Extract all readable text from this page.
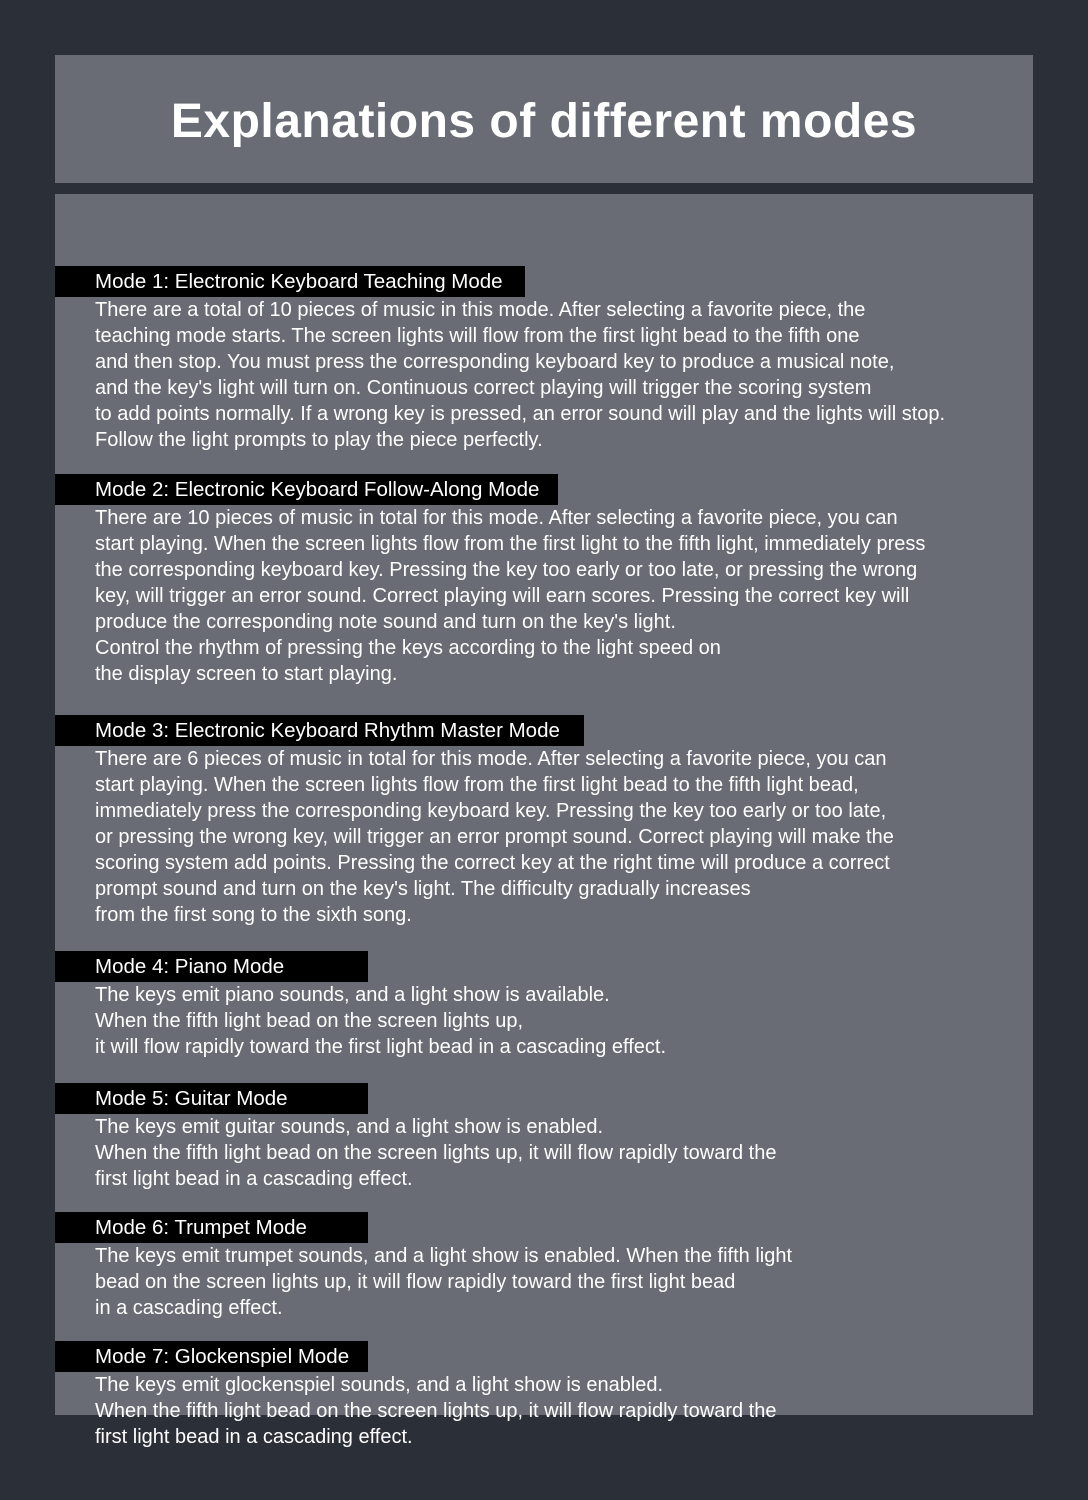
Explanations of different modes
Mode 1: Electronic Keyboard Teaching Mode
There are a total of 10 pieces of music in this mode. After selecting a favorite piece, the
teaching mode starts. The screen lights will flow from the first light bead to the fifth one
and then stop. You must press the corresponding keyboard key to produce a musical note,
and the key's light will turn on. Continuous correct playing will trigger the scoring system
to add points normally. If a wrong key is pressed, an error sound will play and the lights will stop.
Follow the light prompts to play the piece perfectly.
Mode 2: Electronic Keyboard Follow-Along Mode
There are 10 pieces of music in total for this mode. After selecting a favorite piece, you can
start playing. When the screen lights flow from the first light to the fifth light, immediately press
the corresponding keyboard key. Pressing the key too early or too late, or pressing the wrong
key, will trigger an error sound. Correct playing will earn scores. Pressing the correct key will
produce the corresponding note sound and turn on the key's light.
Control the rhythm of pressing the keys according to the light speed on
the display screen to start playing.
Mode 3: Electronic Keyboard Rhythm Master Mode
There are 6 pieces of music in total for this mode. After selecting a favorite piece, you can
start playing. When the screen lights flow from the first light bead to the fifth light bead,
immediately press the corresponding keyboard key. Pressing the key too early or too late,
or pressing the wrong key, will trigger an error prompt sound. Correct playing will make the
scoring system add points. Pressing the correct key at the right time will produce a correct
prompt sound and turn on the key's light. The difficulty gradually increases
from the first song to the sixth song.
Mode 4: Piano Mode
The keys emit piano sounds, and a light show is available.
When the fifth light bead on the screen lights up,
it will flow rapidly toward the first light bead in a cascading effect.
Mode 5: Guitar Mode
The keys emit guitar sounds, and a light show is enabled.
When the fifth light bead on the screen lights up, it will flow rapidly toward the
first light bead in a cascading effect.
Mode 6: Trumpet Mode
The keys emit trumpet sounds, and a light show is enabled. When the fifth light
bead on the screen lights up, it will flow rapidly toward the first light bead
in a cascading effect.
Mode 7: Glockenspiel Mode
The keys emit glockenspiel sounds, and a light show is enabled.
When the fifth light bead on the screen lights up, it will flow rapidly toward the
first light bead in a cascading effect.
